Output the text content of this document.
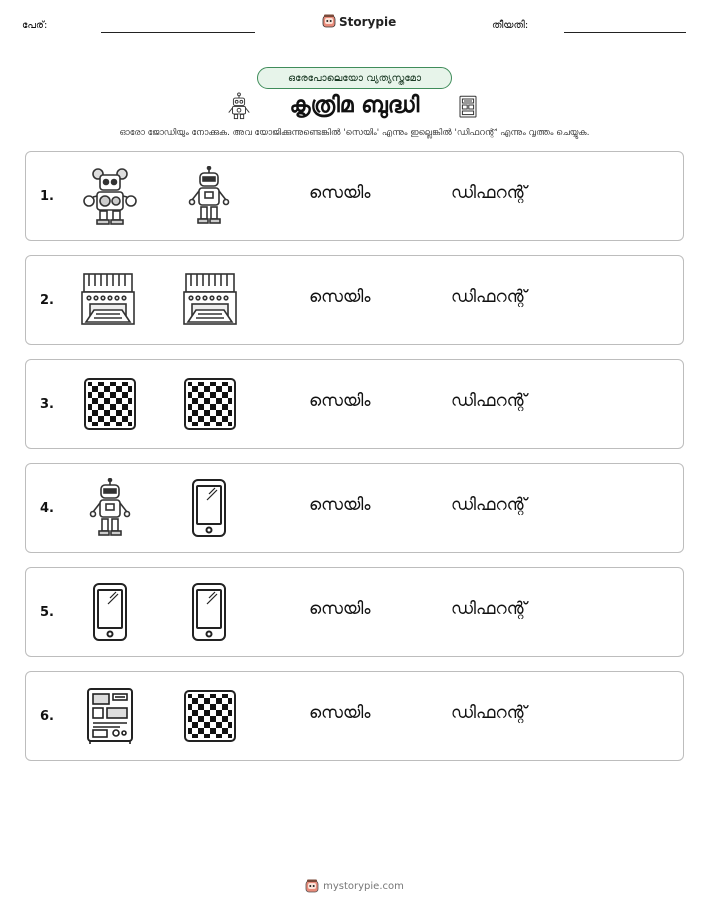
പേര്:	Storypie	തീയതി:
ഒരേപോലെയോ വ്യത്യസ്തമോ
കൃത്രിമ ബുദ്ധി
ഓരോ ജോഡിയും നോക്കുക. അവ യോജിക്കുന്നുണ്ടെങ്കിൽ 'സെയിം' എന്നും ഇല്ലെങ്കിൽ 'ഡിഫറന്റ്' എന്നും വൃത്തം ചെയ്യുക.
1.	സെയിം	ഡിഫറന്റ്
2.	സെയിം	ഡിഫറന്റ്
3.	സെയിം	ഡിഫറന്റ്
4.	സെയിം	ഡിഫറന്റ്
5.	സെയിം	ഡിഫറന്റ്
6.	സെയിം	ഡിഫറന്റ്
mystorypie.com
